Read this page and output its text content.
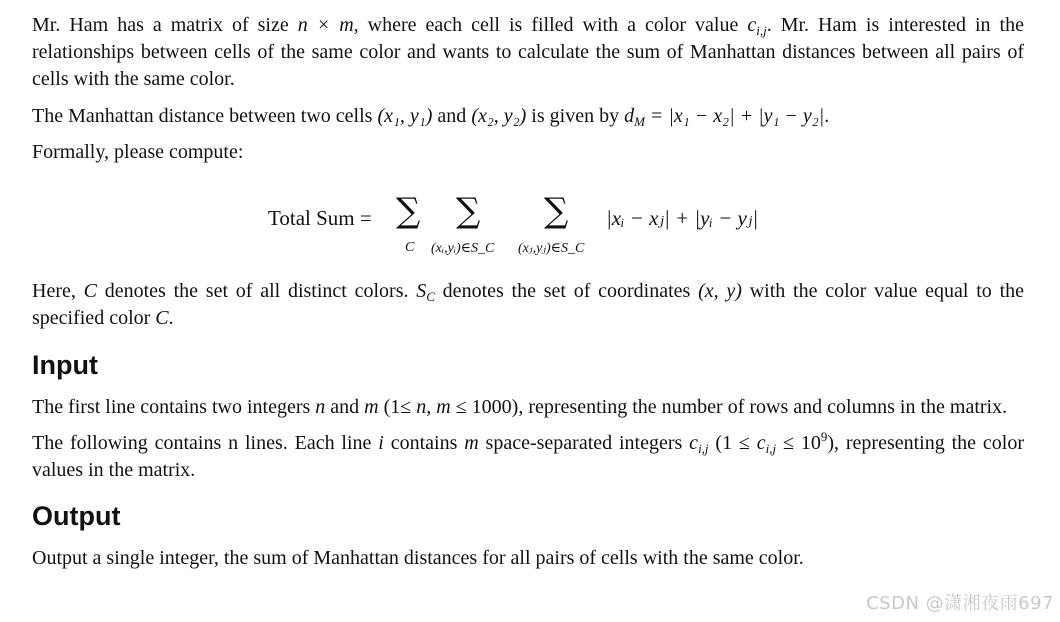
Mr. Ham has a matrix of size n × m, where each cell is filled with a color value $c_{i,j}$. Mr. Ham is interested in the relationships between cells of the same color and wants to calculate the sum of Manhattan distances between all pairs of cells with the same color.

The Manhattan distance between two cells (x₁, y₁) and (x₂, y₂) is given by $d_M = |x_1 - x_2| + |y_1 - y_2|$.

Formally, please compute:

Total Sum = ∑
C
∑
(xᵢ,yᵢ)∈S_C
∑
(xⱼ,yⱼ)∈S_C
|xᵢ − xⱼ| + |yᵢ − yⱼ|

Here, C denotes the set of all distinct colors. $S_C$ denotes the set of coordinates (x, y) with the color value equal to the specified color C.

Input

The first line contains two integers n and m (1≤ n, m ≤ 1000), representing the number of rows and columns in the matrix.

The following contains n lines. Each line i contains m space-separated integers $c_{i,j}$ $(1 \le c_{i,j} \le 10^9)$, representing the color values in the matrix.

Output

Output a single integer, the sum of Manhattan distances for all pairs of cells with the same color.

CSDN @潇湘夜雨697
